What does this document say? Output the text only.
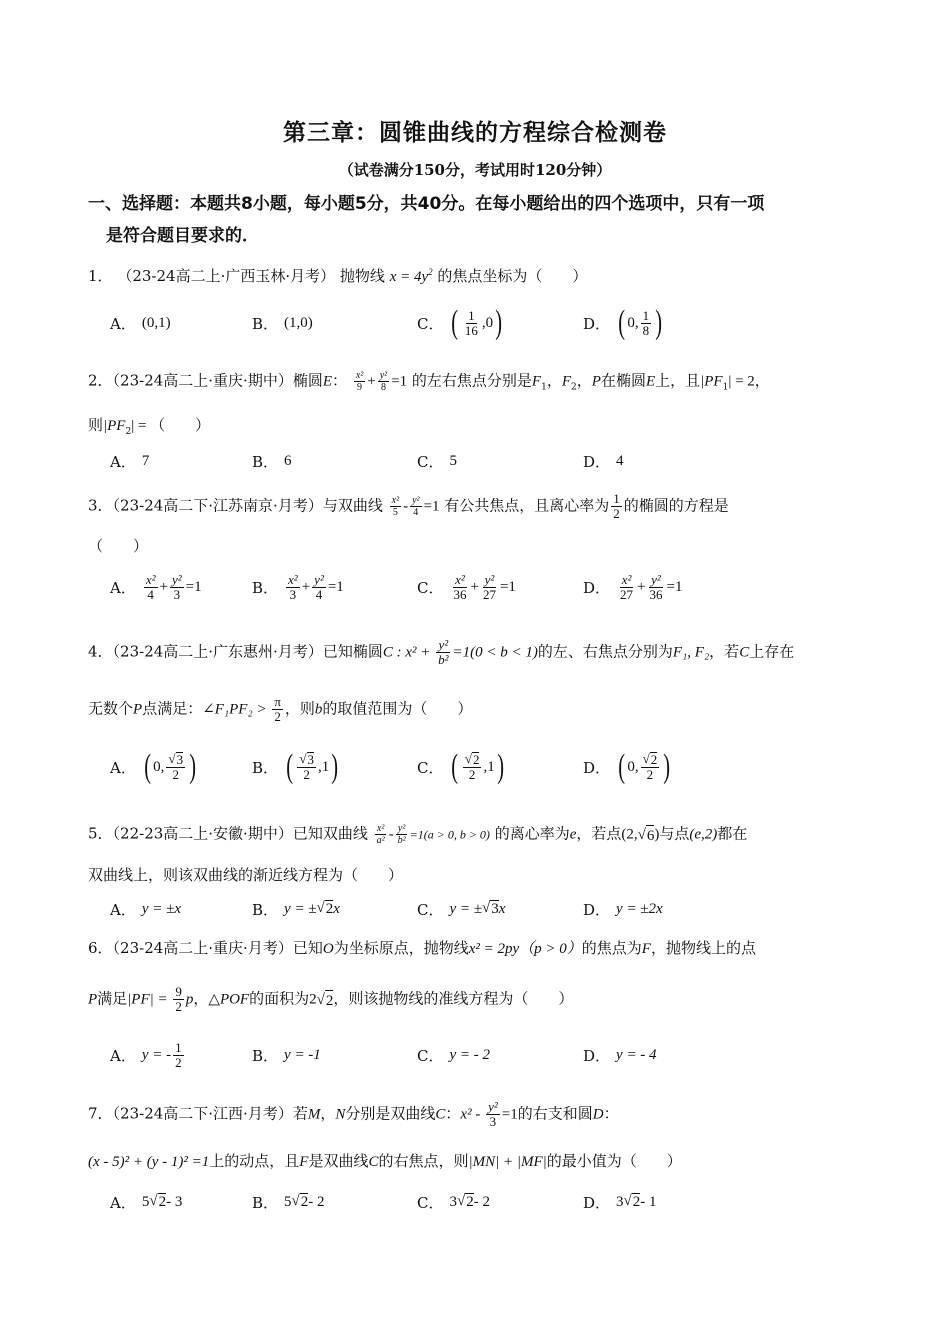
第三章：圆锥曲线的方程综合检测卷
（试卷满分150分，考试用时120分钟）
一、选择题：本题共8小题，每小题5分，共40分。在每小题给出的四个选项中，只有一项
是符合题目要求的．
1． （23-24高二上·广西玉林·月考） 抛物线 $x = 4y^2$ 的焦点坐标为（　　）
A． (0,1)	B． (1,0)	C． ( $\frac{1}{16} ,0$ )	D． ( 0, $\frac{1}{8}$ )
2．（23-24高二上·重庆·期中）椭圆E： $\frac{\text{x²}}{9} + \frac{\text{y²}}{8} =1$ 的左右焦点分别是$F_1$，$F_2$，P在椭圆E上，且$|PF_1| = 2$，
则$|PF_2|$ = （　　）
A． 7	B． 6	C． 5	D． 4
3．（23-24高二下·江苏南京·月考）与双曲线 $\frac{\text{x²}}{5} - \frac{\text{y²}}{4} =1$ 有公共焦点，且离心率为 $\frac{1}{2}$ 的椭圆的方程是
（　　）
A． $\frac{\text{x²}}{4} + \frac{\text{y²}}{3} =1$	B． $\frac{\text{x²}}{3} + \frac{\text{y²}}{4} =1$	C． $\frac{\text{x²}}{36} + \frac{\text{y²}}{27} =1$	D． $\frac{\text{x²}}{27} + \frac{\text{y²}}{36} =1$
4．（23-24高二上·广东惠州·月考）已知椭圆C : $x^2 + \frac{\text{y²}}{\text{b²}} =1(0 < b < 1)$的左、右焦点分别为F₁, F₂，若C上存在
无数个P点满足：∠F₁PF₂ > $\frac{\pi}{2}$ ，则b的取值范围为（　　）
A． ( 0, $\frac{√ 3}{2}$ )	B． ( $\frac{√ 3}{2} ,1$ )	C． ( $\frac{√ 2}{2} ,1$ )	D． ( 0, $\frac{√ 2}{2}$ )
5．（22-23高二上·安徽·期中）已知双曲线 $\frac{\text{x²}}{\text{a²}} - \frac{\text{y²}}{\text{b²}} =1(a > 0$, b > 0) 的离心率为e，若点(2,√ 6 )与点(e,2)都在
双曲线上，则该双曲线的渐近线方程为（　　）
A． y = ±x	B． y = ± √ 2 x	C． y = ± √ 3 x	D． y = ±2x
6．（23-24高二上·重庆·月考）已知O为坐标原点，抛物线x² = 2py（p > 0）的焦点为F，抛物线上的点
P满足$|PF| = \frac{9}{2}$ p，△POF的面积为2√ 2 ，则该抛物线的准线方程为（　　）
A． y = - $\frac{1}{2}$	B． y = -1	C． y = - 2	D． y = - 4
7．（23-24高二下·江西·月考）若M，N分别是双曲线C：$x^2 - \frac{\text{y²}}{3} =1$的右支和圆D：
(x - 5)² + (y - 1)² =1上的动点，且F是双曲线C的右焦点，则|MN| + |MF|的最小值为（　　）
A． 5 √ 2 - 3	B． 5 √ 2 - 2	C． 3 √ 2 - 2	D． 3 √ 2 - 1
